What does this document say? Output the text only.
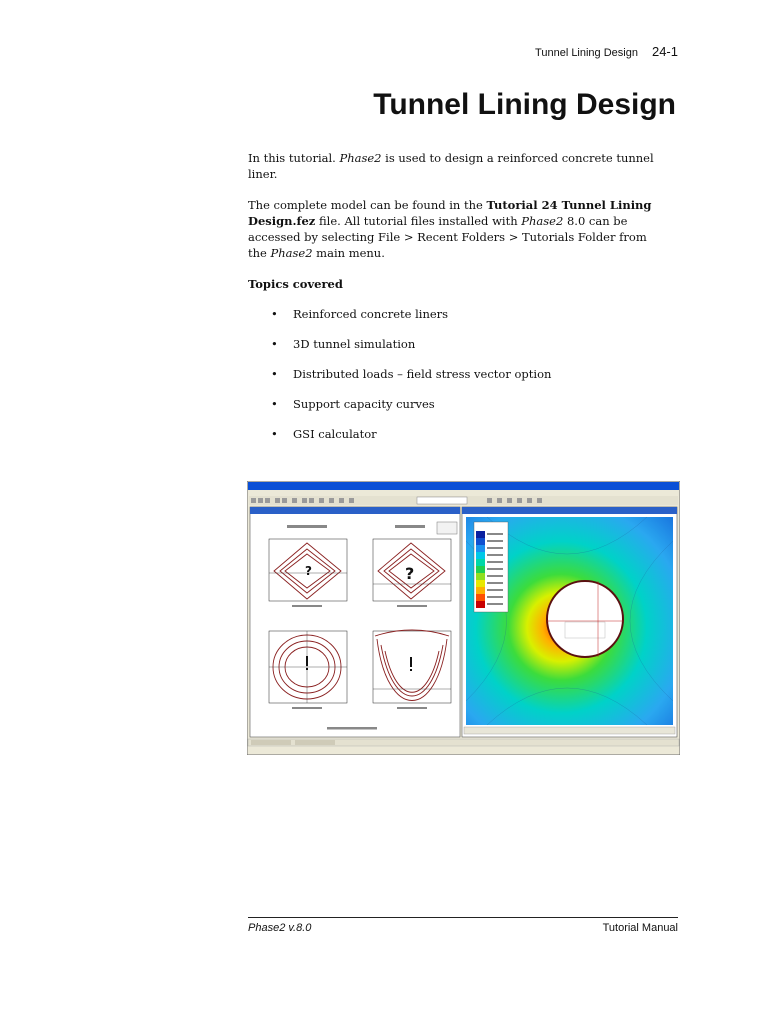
Tunnel Lining Design 24-1
Tunnel Lining Design

In this tutorial. Phase2 is used to design a reinforced concrete tunnel liner.

The complete model can be found in the Tutorial 24 Tunnel Lining Design.fez file. All tutorial files installed with Phase2 8.0 can be accessed by selecting File > Recent Folders > Tutorials Folder from the Phase2 main menu.

Topics covered
• Reinforced concrete liners
• 3D tunnel simulation
• Distributed loads – field stress vector option
• Support capacity curves
• GSI calculator
?	?
Phase2 v.8.0	Tutorial Manual
